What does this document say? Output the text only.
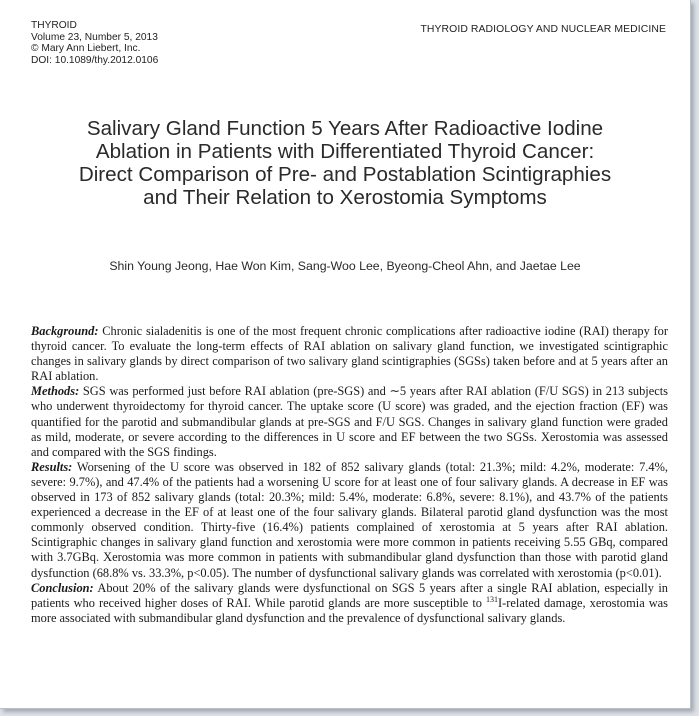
THYROID
Volume 23, Number 5, 2013
© Mary Ann Liebert, Inc.
DOI: 10.1089/thy.2012.0106
THYROID RADIOLOGY AND NUCLEAR MEDICINE
Salivary Gland Function 5 Years After Radioactive Iodine
Ablation in Patients with Differentiated Thyroid Cancer:
Direct Comparison of Pre- and Postablation Scintigraphies
and Their Relation to Xerostomia Symptoms
Shin Young Jeong, Hae Won Kim, Sang-Woo Lee, Byeong-Cheol Ahn, and Jaetae Lee

Background: Chronic sialadenitis is one of the most frequent chronic complications after radioactive iodine (RAI) therapy for thyroid cancer. To evaluate the long-term effects of RAI ablation on salivary gland function, we investigated scintigraphic changes in salivary glands by direct comparison of two salivary gland scintigraphies (SGSs) taken before and at 5 years after an RAI ablation.

Methods: SGS was performed just before RAI ablation (pre-SGS) and ∼5 years after RAI ablation (F/U SGS) in 213 subjects who underwent thyroidectomy for thyroid cancer. The uptake score (U score) was graded, and the ejection fraction (EF) was quantified for the parotid and submandibular glands at pre-SGS and F/U SGS. Changes in salivary gland function were graded as mild, moderate, or severe according to the differences in U score and EF between the two SGSs. Xerostomia was assessed and compared with the SGS findings.

Results: Worsening of the U score was observed in 182 of 852 salivary glands (total: 21.3%; mild: 4.2%, moderate: 7.4%, severe: 9.7%), and 47.4% of the patients had a worsening U score for at least one of four salivary glands. A decrease in EF was observed in 173 of 852 salivary glands (total: 20.3%; mild: 5.4%, moderate: 6.8%, severe: 8.1%), and 43.7% of the patients experienced a decrease in the EF of at least one of the four salivary glands. Bilateral parotid gland dysfunction was the most commonly observed condition. Thirty-five (16.4%) patients complained of xerostomia at 5 years after RAI ablation. Scintigraphic changes in salivary gland function and xerostomia were more common in patients receiving 5.55 GBq, compared with 3.7GBq. Xerostomia was more common in patients with submandibular gland dysfunction than those with parotid gland dysfunction (68.8% vs. 33.3%, p<0.05). The number of dysfunctional salivary glands was correlated with xerostomia (p<0.01).

Conclusion: About 20% of the salivary glands were dysfunctional on SGS 5 years after a single RAI ablation, especially in patients who received higher doses of RAI. While parotid glands are more susceptible to $^{131}$I-related damage, xerostomia was more associated with submandibular gland dysfunction and the prevalence of dysfunctional salivary glands.
